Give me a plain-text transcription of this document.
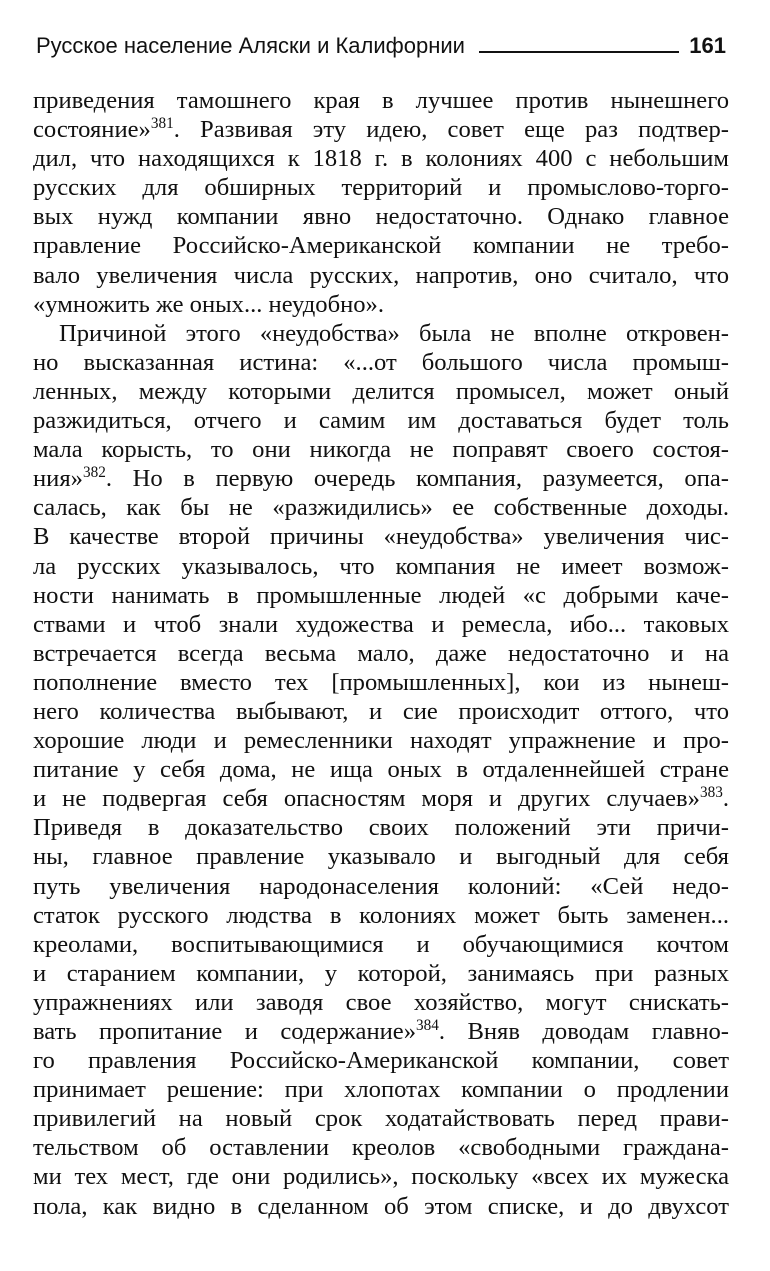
Русское население Аляски и Калифорнии	161
приведения тамошнего края в лучшее против нынешнего
состояние»$^{381}$. Развивая эту идею, совет еще раз подтвер-
дил, что находящихся к 1818 г. в колониях 400 с небольшим
русских для обширных территорий и промыслово-торго-
вых нужд компании явно недостаточно. Однако главное
правление Российско-Американской компании не требо-
вало увеличения числа русских, напротив, оно считало, что
«умножить же оных... неудобно».
Причиной этого «неудобства» была не вполне откровен-
но высказанная истина: «...от большого числа промыш-
ленных, между которыми делится промысел, может оный
разжидиться, отчего и самим им доставаться будет толь
мала корысть, то они никогда не поправят своего состоя-
ния»$^{382}$. Но в первую очередь компания, разумеется, опа-
салась, как бы не «разжидились» ее собственные доходы.
В качестве второй причины «неудобства» увеличения чис-
ла русских указывалось, что компания не имеет возмож-
ности нанимать в промышленные людей «с добрыми каче-
ствами и чтоб знали художества и ремесла, ибо... таковых
встречается всегда весьма мало, даже недостаточно и на
пополнение вместо тех [промышленных], кои из нынеш-
него количества выбывают, и сие происходит оттого, что
хорошие люди и ремесленники находят упражнение и про-
питание у себя дома, не ища оных в отдаленнейшей стране
и не подвергая себя опасностям моря и других случаев»$^{383}$.
Приведя в доказательство своих положений эти причи-
ны, главное правление указывало и выгодный для себя
путь увеличения народонаселения колоний: «Сей недо-
статок русского людства в колониях может быть заменен...
креолами, воспитывающимися и обучающимися кочтом
и старанием компании, у которой, занимаясь при разных
упражнениях или заводя свое хозяйство, могут снискать-
вать пропитание и содержание»$^{384}$. Вняв доводам главно-
го правления Российско-Американской компании, совет
принимает решение: при хлопотах компании о продлении
привилегий на новый срок ходатайствовать перед прави-
тельством об оставлении креолов «свободными граждана-
ми тех мест, где они родились», поскольку «всех их мужеска
пола, как видно в сделанном об этом списке, и до двухсот
